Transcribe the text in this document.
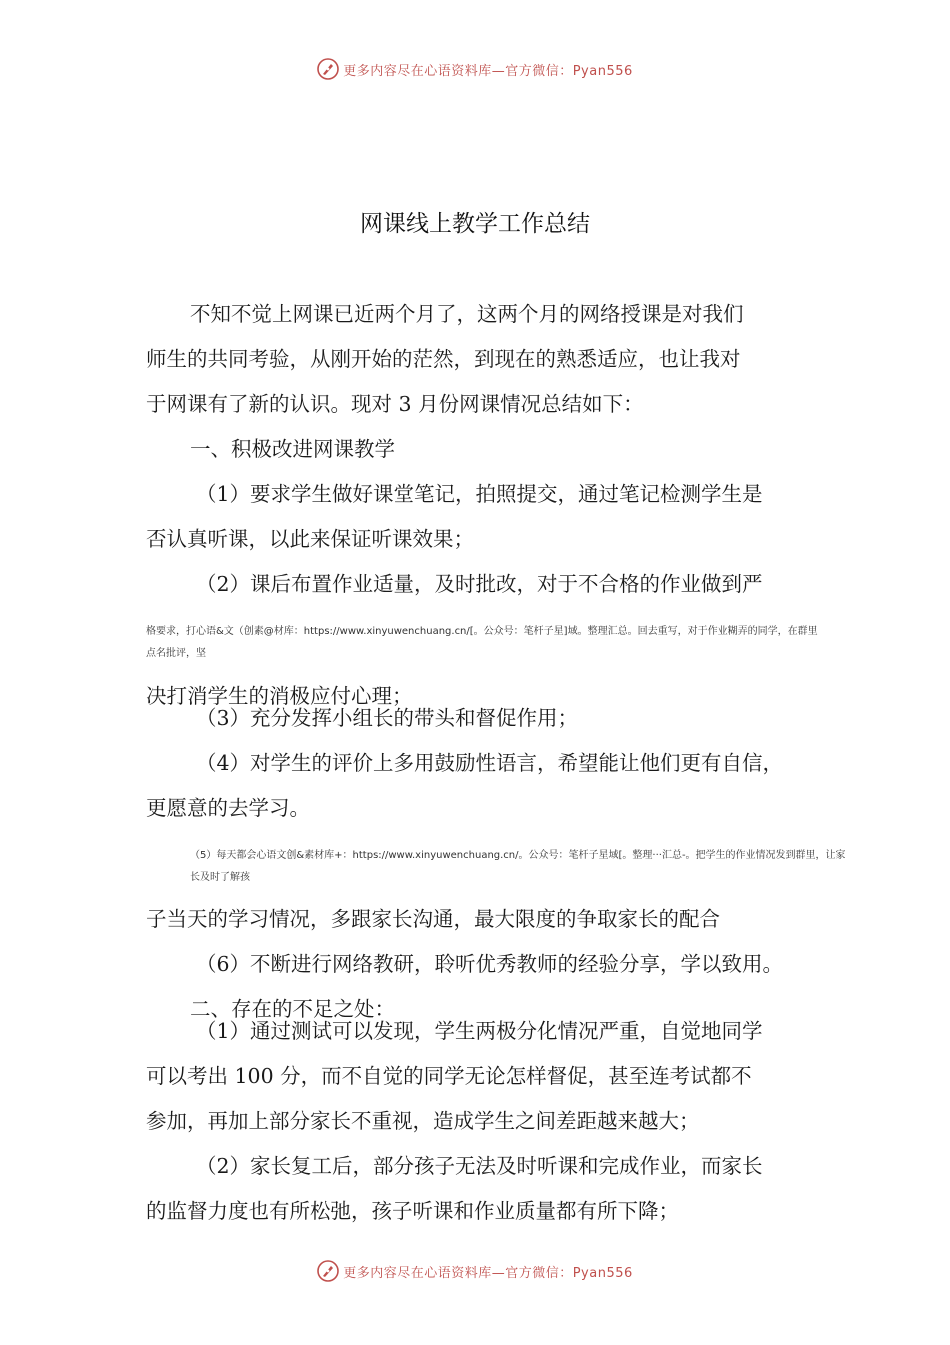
更多内容尽在心语资料库—官方微信：Pyan556
网课线上教学工作总结
不知不觉上网课已近两个月了，这两个月的网络授课是对我们
师生的共同考验，从刚开始的茫然，到现在的熟悉适应，也让我对
于网课有了新的认识。现对 3 月份网课情况总结如下：
一、积极改进网课教学
（1）要求学生做好课堂笔记，拍照提交，通过笔记检测学生是
否认真听课，以此来保证听课效果；
（2）课后布置作业适量，及时批改，对于不合格的作业做到严
格要求，打心语&文（创素@材库：https://www.xinyuwenchuang.cn/[。公众号：笔杆子星]域。整理汇总。回去重写，对于作业糊弄的同学，在群里
点名批评，坚
决打消学生的消极应付心理；
（3）充分发挥小组长的带头和督促作用；
（4）对学生的评价上多用鼓励性语言，希望能让他们更有自信，
更愿意的去学习。
（5）每天都会心语文创&素材库+：https://www.xinyuwenchuang.cn/。公众号：笔杆子星域[。整理···汇总-。把学生的作业情况发到群里，让家
长及时了解孩
子当天的学习情况，多跟家长沟通，最大限度的争取家长的配合
（6）不断进行网络教研，聆听优秀教师的经验分享，学以致用。
二、存在的不足之处：
（1）通过测试可以发现，学生两极分化情况严重，自觉地同学
可以考出 100 分，而不自觉的同学无论怎样督促，甚至连考试都不
参加，再加上部分家长不重视，造成学生之间差距越来越大；
（2）家长复工后，部分孩子无法及时听课和完成作业，而家长
的监督力度也有所松弛，孩子听课和作业质量都有所下降；
更多内容尽在心语资料库—官方微信：Pyan556
